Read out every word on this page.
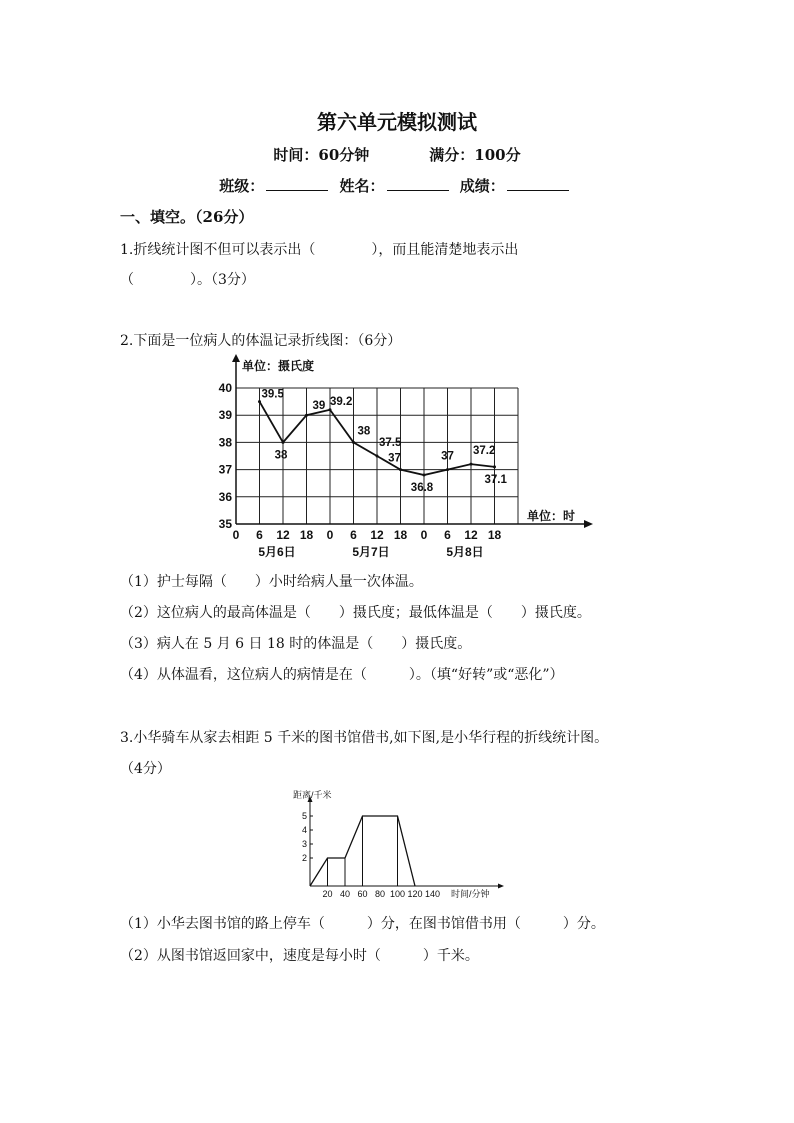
第六单元模拟测试
时间：60分钟	满分：100分
班级：	姓名：	成绩：
一、填空。（26分）
1.折线统计图不但可以表示出（　　　　），而且能清楚地表示出
（　　　　）。（3分）
2.下面是一位病人的体温记录折线图：（6分）
单位：摄氏度
单位：时
35
36
37
38
39
40
0 6 12 18 0 6 12 18 0 6 12 18
5月6日	5月7日	5月8日
39.5
38
39 39.2
38
37.5
37
36.8
37 37.2
37.1
（1）护士每隔（　　）小时给病人量一次体温。
（2）这位病人的最高体温是（　　）摄氏度；最低体温是（　　）摄氏度。
（3）病人在 5 月 6 日 18 时的体温是（　　）摄氏度。
（4）从体温看，这位病人的病情是在（　　　）。（填“好转”或“恶化”）
3.小华骑车从家去相距 5 千米的图书馆借书,如下图,是小华行程的折线统计图。
（4分）
距离/千米
时间/分钟
2
3
4
5
20 40 60 80 100 120 140
（1）小华去图书馆的路上停车（　　　）分，在图书馆借书用（　　　）分。
（2）从图书馆返回家中，速度是每小时（　　　）千米。
